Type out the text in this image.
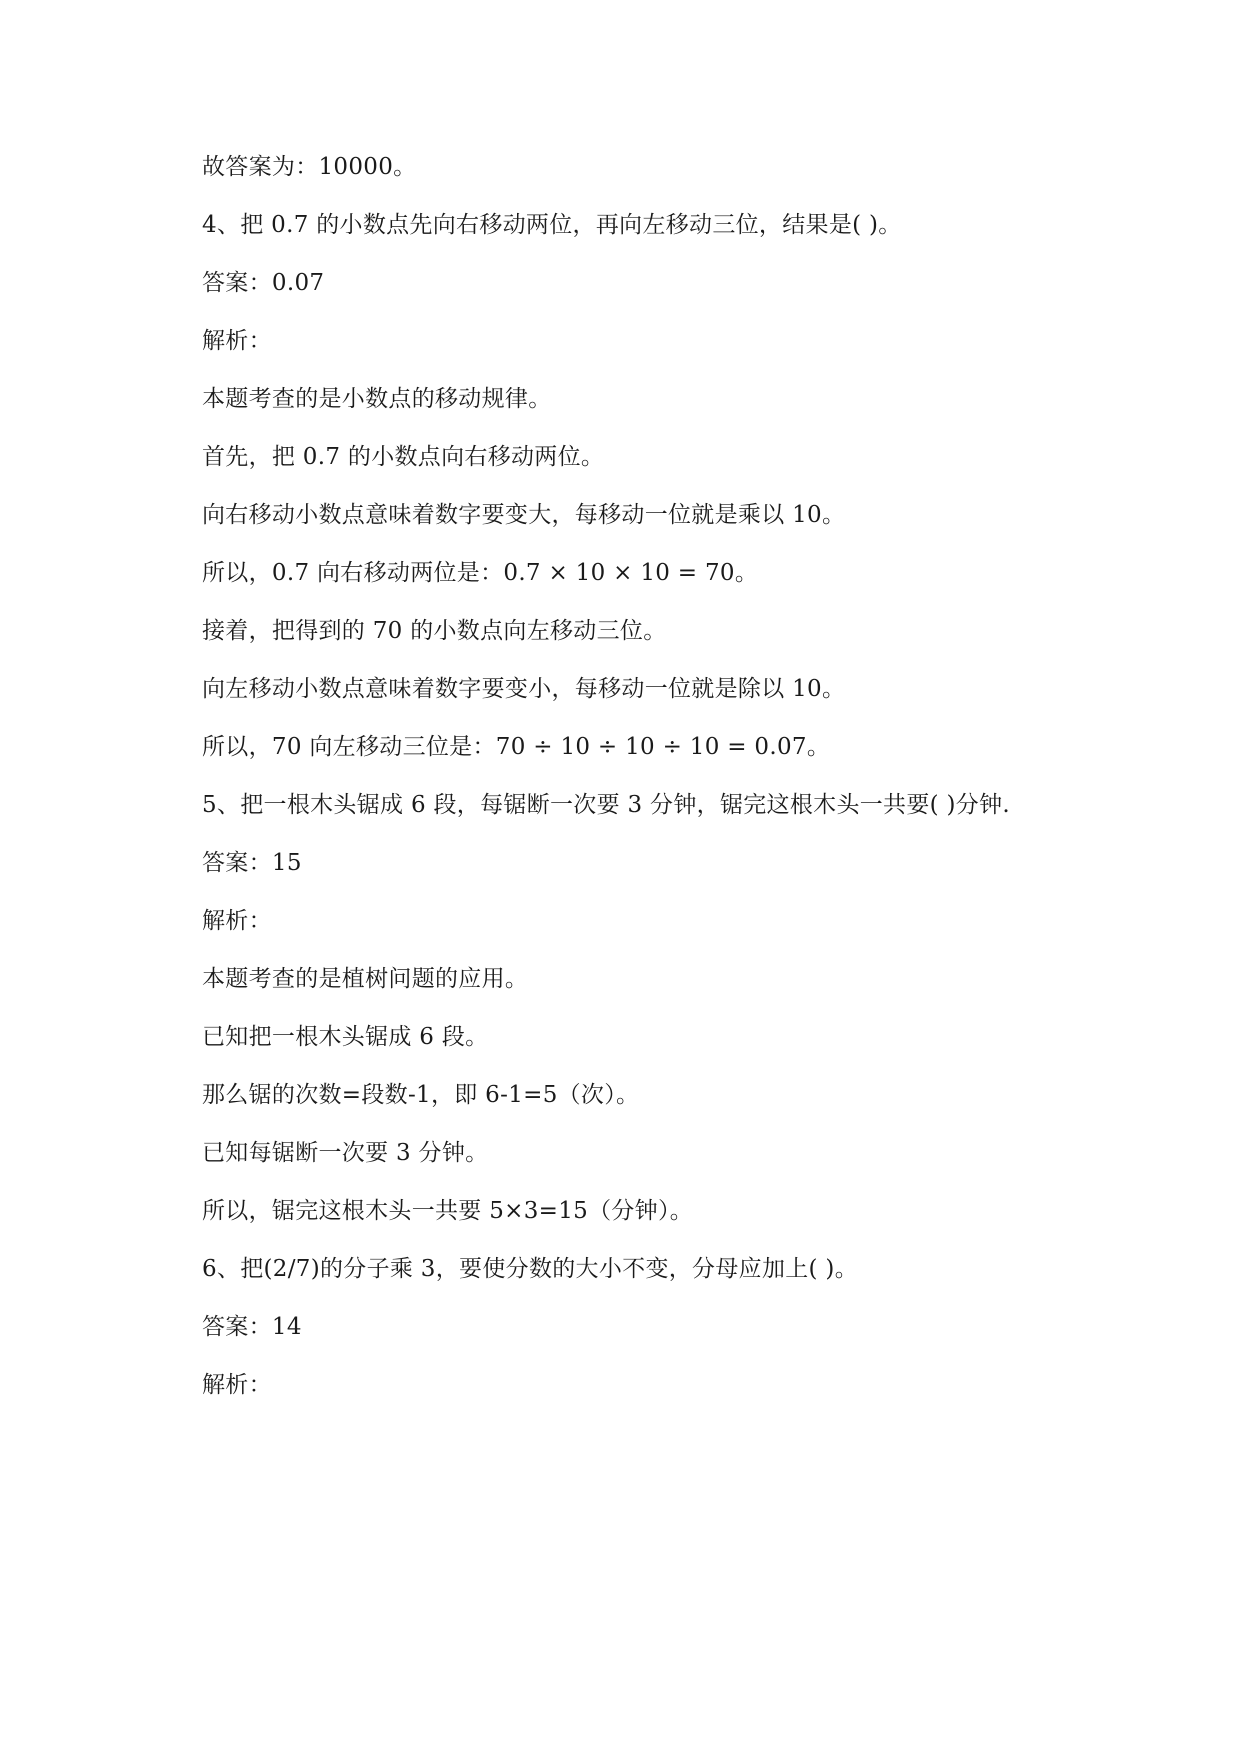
故答案为：10000。
4、把 0.7 的小数点先向右移动两位，再向左移动三位，结果是( )。
答案：0.07
解析：
本题考查的是小数点的移动规律。
首先，把 0.7 的小数点向右移动两位。
向右移动小数点意味着数字要变大，每移动一位就是乘以 10。
所以，0.7 向右移动两位是：0.7 × 10 × 10 = 70。
接着，把得到的 70 的小数点向左移动三位。
向左移动小数点意味着数字要变小，每移动一位就是除以 10。
所以，70 向左移动三位是：70 ÷ 10 ÷ 10 ÷ 10 = 0.07。
5、把一根木头锯成 6 段，每锯断一次要 3 分钟，锯完这根木头一共要( )分钟.
答案：15
解析：
本题考查的是植树问题的应用。
已知把一根木头锯成 6 段。
那么锯的次数=段数-1，即 6-1=5（次）。
已知每锯断一次要 3 分钟。
所以，锯完这根木头一共要 5×3=15（分钟）。
6、把(2/7)的分子乘 3，要使分数的大小不变，分母应加上( )。
答案：14
解析：
